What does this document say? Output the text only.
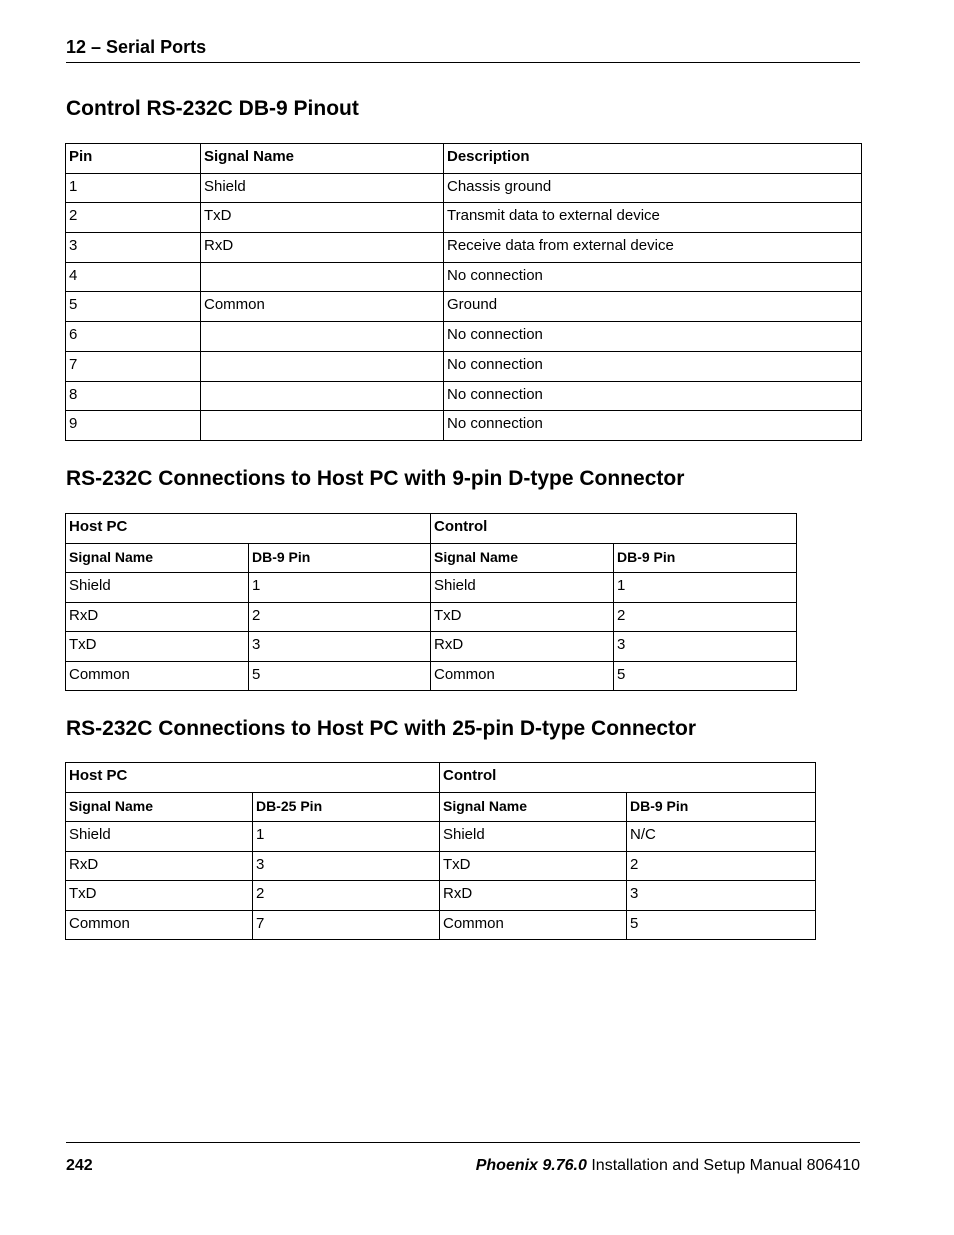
12 – Serial Ports
Control RS-232C DB-9 Pinout
Pin	Signal Name	Description
1	Shield	Chassis ground
2	TxD	Transmit data to external device
3	RxD	Receive data from external device
4		No connection
5	Common	Ground
6		No connection
7		No connection
8		No connection
9		No connection
RS-232C Connections to Host PC with 9-pin D-type Connector
Host PC		Control	
Signal Name	DB-9 Pin	Signal Name	DB-9 Pin
Shield	1	Shield	1
RxD	2	TxD	2
TxD	3	RxD	3
Common	5	Common	5
RS-232C Connections to Host PC with 25-pin D-type Connector
Host PC		Control	
Signal Name	DB-25 Pin	Signal Name	DB-9 Pin
Shield	1	Shield	N/C
RxD	3	TxD	2
TxD	2	RxD	3
Common	7	Common	5
242	Phoenix 9.76.0 Installation and Setup Manual 806410
